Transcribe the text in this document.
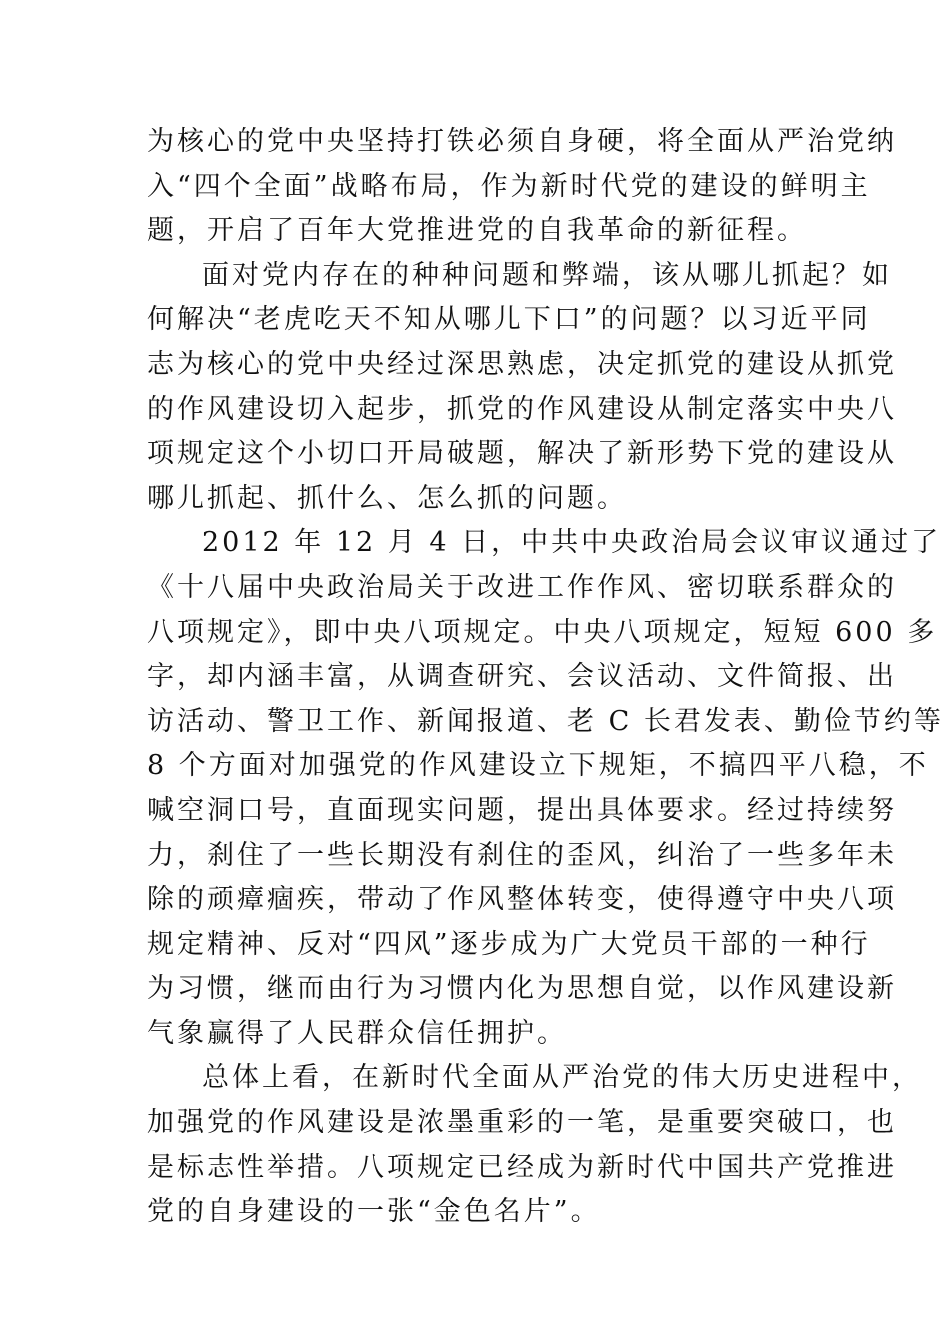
为核心的党中央坚持打铁必须自身硬，将全面从严治党纳
入“四个全面”战略布局，作为新时代党的建设的鲜明主
题，开启了百年大党推进党的自我革命的新征程。
面对党内存在的种种问题和弊端，该从哪儿抓起？如
何解决“老虎吃天不知从哪儿下口”的问题？以习近平同
志为核心的党中央经过深思熟虑，决定抓党的建设从抓党
的作风建设切入起步，抓党的作风建设从制定落实中央八
项规定这个小切口开局破题，解决了新形势下党的建设从
哪儿抓起、抓什么、怎么抓的问题。
2012 年 12 月 4 日，中共中央政治局会议审议通过了
《十八届中央政治局关于改进工作作风、密切联系群众的
八项规定》，即中央八项规定。中央八项规定，短短 600 多
字，却内涵丰富，从调查研究、会议活动、文件简报、出
访活动、警卫工作、新闻报道、老 C 长君发表、勤俭节约等
8 个方面对加强党的作风建设立下规矩，不搞四平八稳，不
喊空洞口号，直面现实问题，提出具体要求。经过持续努
力，刹住了一些长期没有刹住的歪风，纠治了一些多年未
除的顽瘴痼疾，带动了作风整体转变，使得遵守中央八项
规定精神、反对“四风”逐步成为广大党员干部的一种行
为习惯，继而由行为习惯内化为思想自觉，以作风建设新
气象赢得了人民群众信任拥护。
总体上看，在新时代全面从严治党的伟大历史进程中，
加强党的作风建设是浓墨重彩的一笔，是重要突破口，也
是标志性举措。八项规定已经成为新时代中国共产党推进
党的自身建设的一张“金色名片”。
